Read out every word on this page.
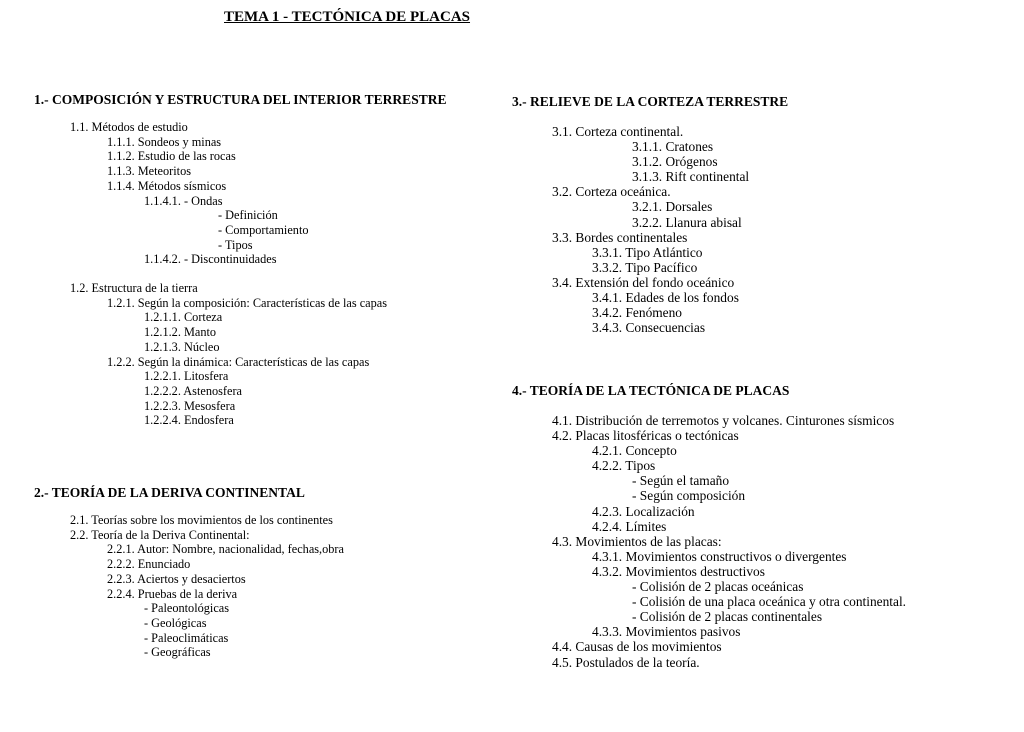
TEMA 1 - TECTÓNICA DE PLACAS
1.- COMPOSICIÓN Y ESTRUCTURA DEL INTERIOR TERRESTRE
1.1. Métodos de estudio
1.1.1. Sondeos y minas
1.1.2. Estudio de las rocas
1.1.3. Meteoritos
1.1.4. Métodos sísmicos
1.1.4.1. - Ondas
- Definición
- Comportamiento
- Tipos
1.1.4.2. - Discontinuidades
1.2. Estructura de la tierra
1.2.1. Según la composición: Características de las capas
1.2.1.1. Corteza
1.2.1.2. Manto
1.2.1.3. Núcleo
1.2.2. Según la dinámica: Características de las capas
1.2.2.1. Litosfera
1.2.2.2. Astenosfera
1.2.2.3. Mesosfera
1.2.2.4. Endosfera
2.- TEORÍA DE LA DERIVA CONTINENTAL
2.1. Teorías sobre los movimientos de los continentes
2.2. Teoría de la Deriva Continental:
2.2.1. Autor: Nombre, nacionalidad, fechas,obra
2.2.2. Enunciado
2.2.3. Aciertos y desaciertos
2.2.4. Pruebas de la deriva
- Paleontológicas
- Geológicas
- Paleoclimáticas
- Geográficas
3.- RELIEVE DE LA CORTEZA TERRESTRE
3.1. Corteza continental.
3.1.1. Cratones
3.1.2. Orógenos
3.1.3. Rift continental
3.2. Corteza oceánica.
3.2.1. Dorsales
3.2.2. Llanura abisal
3.3. Bordes continentales
3.3.1. Tipo Atlántico
3.3.2. Tipo Pacífico
3.4. Extensión del fondo oceánico
3.4.1. Edades de los fondos
3.4.2. Fenómeno
3.4.3. Consecuencias
4.- TEORÍA DE LA TECTÓNICA DE PLACAS
4.1. Distribución de terremotos y volcanes. Cinturones sísmicos
4.2. Placas litosféricas o tectónicas
4.2.1. Concepto
4.2.2. Tipos
- Según el tamaño
- Según composición
4.2.3. Localización
4.2.4. Límites
4.3. Movimientos de las placas:
4.3.1. Movimientos constructivos o divergentes
4.3.2. Movimientos destructivos
- Colisión de 2 placas oceánicas
- Colisión de una placa oceánica y otra continental.
- Colisión de 2 placas continentales
4.3.3. Movimientos pasivos
4.4. Causas de los movimientos
4.5. Postulados de la teoría.
